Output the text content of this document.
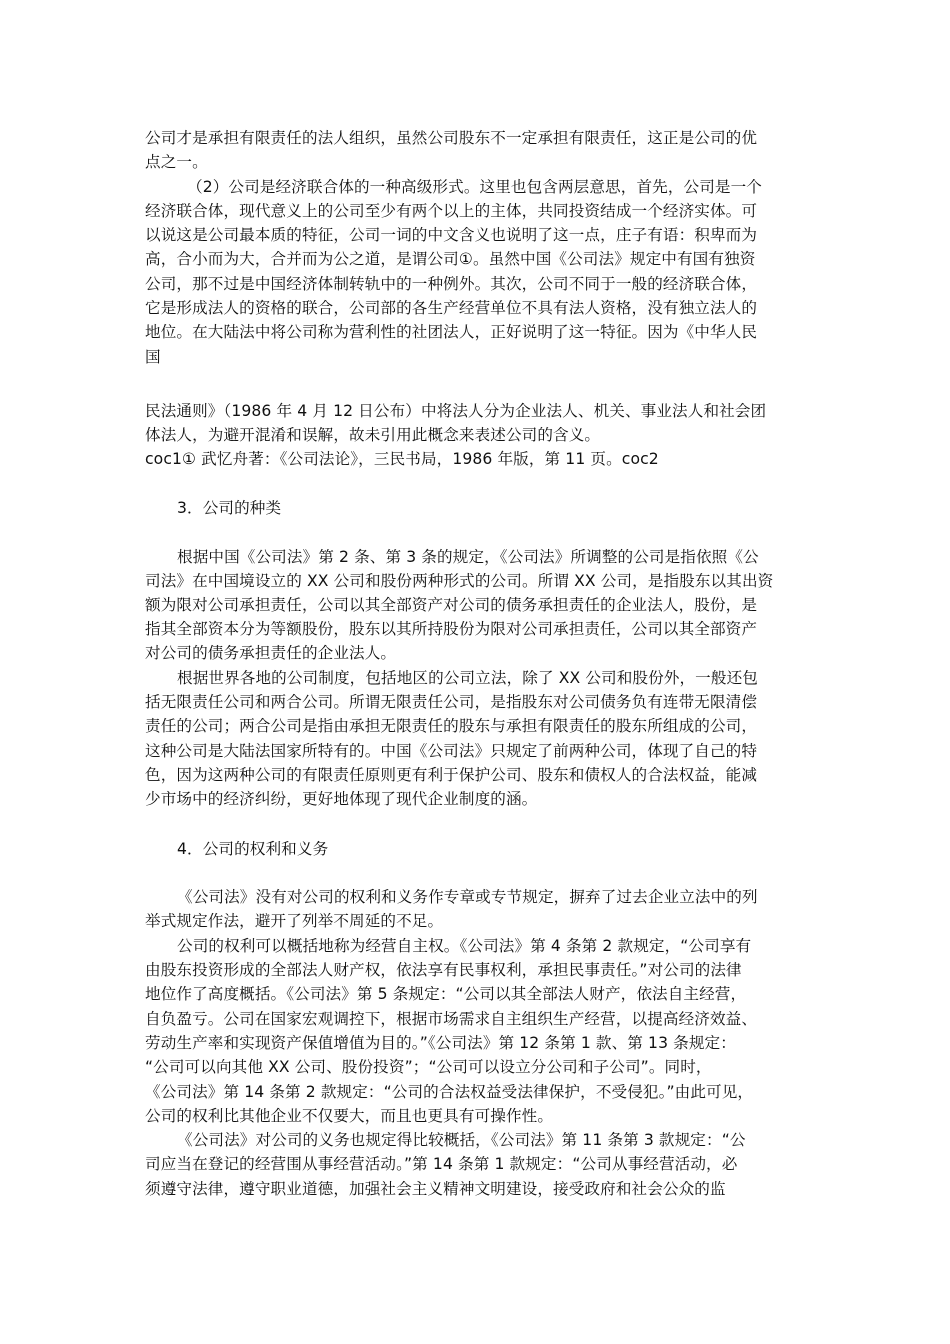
公司才是承担有限责任的法人组织，虽然公司股东不一定承担有限责任，这正是公司的优
点之一。
（2）公司是经济联合体的一种高级形式。这里也包含两层意思，首先，公司是一个
经济联合体，现代意义上的公司至少有两个以上的主体，共同投资结成一个经济实体。可
以说这是公司最本质的特征，公司一词的中文含义也说明了这一点，庄子有语：积卑而为
高，合小而为大，合并而为公之道，是谓公司①。虽然中国《公司法》规定中有国有独资
公司，那不过是中国经济体制转轨中的一种例外。其次，公司不同于一般的经济联合体，
它是形成法人的资格的联合，公司部的各生产经营单位不具有法人资格，没有独立法人的
地位。在大陆法中将公司称为营利性的社团法人，正好说明了这一特征。因为《中华人民
国
民法通则》（1986 年 4 月 12 日公布）中将法人分为企业法人、机关、事业法人和社会团
体法人，为避开混淆和误解，故未引用此概念来表述公司的含义。
coc1① 武忆舟著：《公司法论》，三民书局，1986 年版，第 11 页。coc2
3．公司的种类
根据中国《公司法》第 2 条、第 3 条的规定，《公司法》所调整的公司是指依照《公
司法》在中国境设立的 XX 公司和股份两种形式的公司。所谓 XX 公司，是指股东以其出资
额为限对公司承担责任，公司以其全部资产对公司的债务承担责任的企业法人，股份，是
指其全部资本分为等额股份，股东以其所持股份为限对公司承担责任，公司以其全部资产
对公司的债务承担责任的企业法人。
根据世界各地的公司制度，包括地区的公司立法，除了 XX 公司和股份外，一般还包
括无限责任公司和两合公司。所谓无限责任公司，是指股东对公司债务负有连带无限清偿
责任的公司；两合公司是指由承担无限责任的股东与承担有限责任的股东所组成的公司，
这种公司是大陆法国家所特有的。中国《公司法》只规定了前两种公司，体现了自己的特
色，因为这两种公司的有限责任原则更有利于保护公司、股东和债权人的合法权益，能减
少市场中的经济纠纷，更好地体现了现代企业制度的涵。
4．公司的权利和义务
《公司法》没有对公司的权利和义务作专章或专节规定，摒弃了过去企业立法中的列
举式规定作法，避开了列举不周延的不足。
公司的权利可以概括地称为经营自主权。《公司法》第 4 条第 2 款规定，“公司享有
由股东投资形成的全部法人财产权，依法享有民事权利，承担民事责任。”对公司的法律
地位作了高度概括。《公司法》第 5 条规定：“公司以其全部法人财产，依法自主经营，
自负盈亏。公司在国家宏观调控下，根据市场需求自主组织生产经营，以提高经济效益、
劳动生产率和实现资产保值增值为目的。”《公司法》第 12 条第 1 款、第 13 条规定：
“公司可以向其他 XX 公司、股份投资”；“公司可以设立分公司和子公司”。同时，
《公司法》第 14 条第 2 款规定：“公司的合法权益受法律保护，不受侵犯。”由此可见，
公司的权利比其他企业不仅要大，而且也更具有可操作性。
《公司法》对公司的义务也规定得比较概括，《公司法》第 11 条第 3 款规定：“公
司应当在登记的经营围从事经营活动。”第 14 条第 1 款规定：“公司从事经营活动，必
须遵守法律，遵守职业道德，加强社会主义精神文明建设，接受政府和社会公众的监
